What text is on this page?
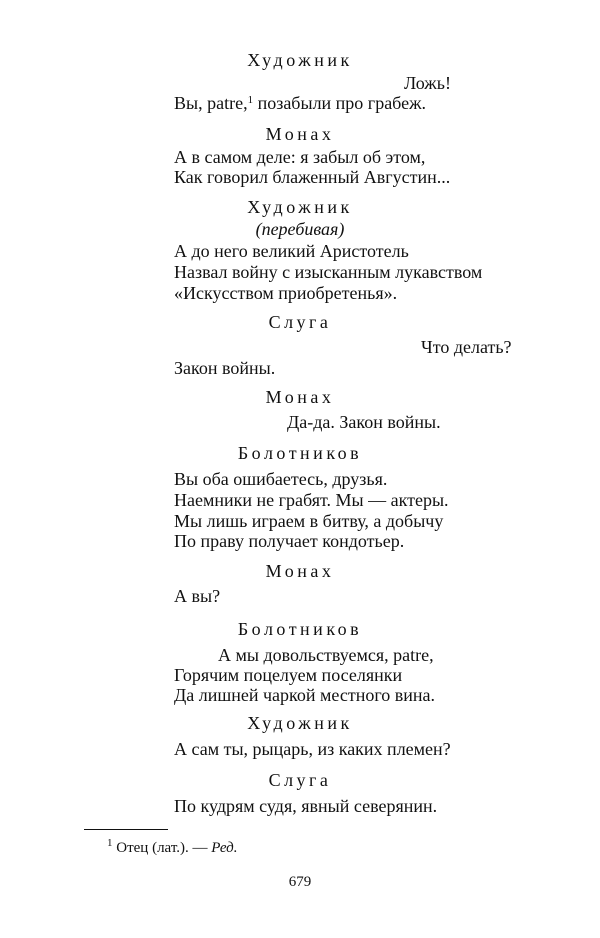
Художник
Ложь!
Вы, patre,$^1$ позабыли про грабеж.
Монах
А в самом деле: я забыл об этом,
Как говорил блаженный Августин...
Художник
(перебивая)
А до него великий Аристотель
Назвал войну с изысканным лукавством
«Искусством приобретенья».
Слуга
Что делать?
Закон войны.
Монах
Да-да. Закон войны.
Болотников
Вы оба ошибаетесь, друзья.
Наемники не грабят. Мы — актеры.
Мы лишь играем в битву, а добычу
По праву получает кондотьер.
Монах
А вы?
Болотников
А мы довольствуемся, patre,
Горячим поцелуем поселянки
Да лишней чаркой местного вина.
Художник
А сам ты, рыцарь, из каких племен?
Слуга
По кудрям судя, явный северянин.
$^1$ Отец (лат.). — Ред.
679
